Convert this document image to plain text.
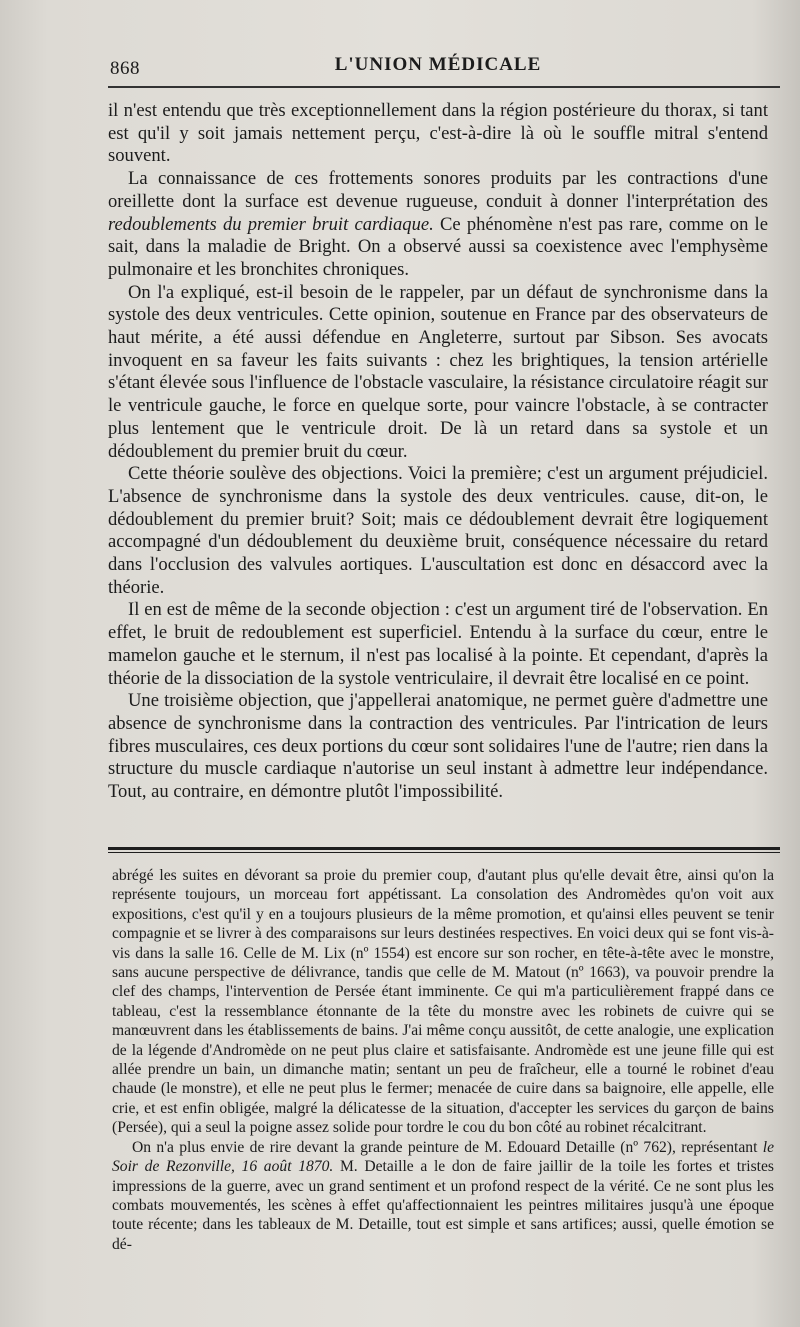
868	L'UNION MÉDICALE

il n'est entendu que très exceptionnellement dans la région postérieure du thorax, si tant est qu'il y soit jamais nettement perçu, c'est-à-dire là où le souffle mitral s'entend souvent.

La connaissance de ces frottements sonores produits par les contractions d'une oreillette dont la surface est devenue rugueuse, conduit à donner l'interprétation des redoublements du premier bruit cardiaque. Ce phénomène n'est pas rare, comme on le sait, dans la maladie de Bright. On a observé aussi sa coexistence avec l'emphysème pulmonaire et les bronchites chroniques.

On l'a expliqué, est-il besoin de le rappeler, par un défaut de synchronisme dans la systole des deux ventricules. Cette opinion, soutenue en France par des observateurs de haut mérite, a été aussi défendue en Angleterre, surtout par Sibson. Ses avocats invoquent en sa faveur les faits suivants : chez les brightiques, la tension artérielle s'étant élevée sous l'influence de l'obstacle vasculaire, la résistance circulatoire réagit sur le ventricule gauche, le force en quelque sorte, pour vaincre l'obstacle, à se contracter plus lentement que le ventricule droit. De là un retard dans sa systole et un dédoublement du premier bruit du cœur.

Cette théorie soulève des objections. Voici la première; c'est un argument préjudiciel. L'absence de synchronisme dans la systole des deux ventricules. cause, dit-on, le dédoublement du premier bruit? Soit; mais ce dédoublement devrait être logiquement accompagné d'un dédoublement du deuxième bruit, conséquence nécessaire du retard dans l'occlusion des valvules aortiques. L'auscultation est donc en désaccord avec la théorie.

Il en est de même de la seconde objection : c'est un argument tiré de l'observation. En effet, le bruit de redoublement est superficiel. Entendu à la surface du cœur, entre le mamelon gauche et le sternum, il n'est pas localisé à la pointe. Et cependant, d'après la théorie de la dissociation de la systole ventriculaire, il devrait être localisé en ce point.

Une troisième objection, que j'appellerai anatomique, ne permet guère d'admettre une absence de synchronisme dans la contraction des ventricules. Par l'intrication de leurs fibres musculaires, ces deux portions du cœur sont solidaires l'une de l'autre; rien dans la structure du muscle cardiaque n'autorise un seul instant à admettre leur indépendance. Tout, au contraire, en démontre plutôt l'impossibilité.

abrégé les suites en dévorant sa proie du premier coup, d'autant plus qu'elle devait être, ainsi qu'on la représente toujours, un morceau fort appétissant. La consolation des Andromèdes qu'on voit aux expositions, c'est qu'il y en a toujours plusieurs de la même promotion, et qu'ainsi elles peuvent se tenir compagnie et se livrer à des comparaisons sur leurs destinées respectives. En voici deux qui se font vis-à-vis dans la salle 16. Celle de M. Lix (nº 1554) est encore sur son rocher, en tête-à-tête avec le monstre, sans aucune perspective de délivrance, tandis que celle de M. Matout (nº 1663), va pouvoir prendre la clef des champs, l'intervention de Persée étant imminente. Ce qui m'a particulièrement frappé dans ce tableau, c'est la ressemblance étonnante de la tête du monstre avec les robinets de cuivre qui se manœuvrent dans les établissements de bains. J'ai même conçu aussitôt, de cette analogie, une explication de la légende d'Andromède on ne peut plus claire et satisfaisante. Andromède est une jeune fille qui est allée prendre un bain, un dimanche matin; sentant un peu de fraîcheur, elle a tourné le robinet d'eau chaude (le monstre), et elle ne peut plus le fermer; menacée de cuire dans sa baignoire, elle appelle, elle crie, et est enfin obligée, malgré la délicatesse de la situation, d'accepter les services du garçon de bains (Persée), qui a seul la poigne assez solide pour tordre le cou du bon côté au robinet récalcitrant.

On n'a plus envie de rire devant la grande peinture de M. Edouard Detaille (nº 762), représentant le Soir de Rezonville, 16 août 1870. M. Detaille a le don de faire jaillir de la toile les fortes et tristes impressions de la guerre, avec un grand sentiment et un profond respect de la vérité. Ce ne sont plus les combats mouvementés, les scènes à effet qu'affectionnaient les peintres militaires jusqu'à une époque toute récente; dans les tableaux de M. Detaille, tout est simple et sans artifices; aussi, quelle émotion se dé-
